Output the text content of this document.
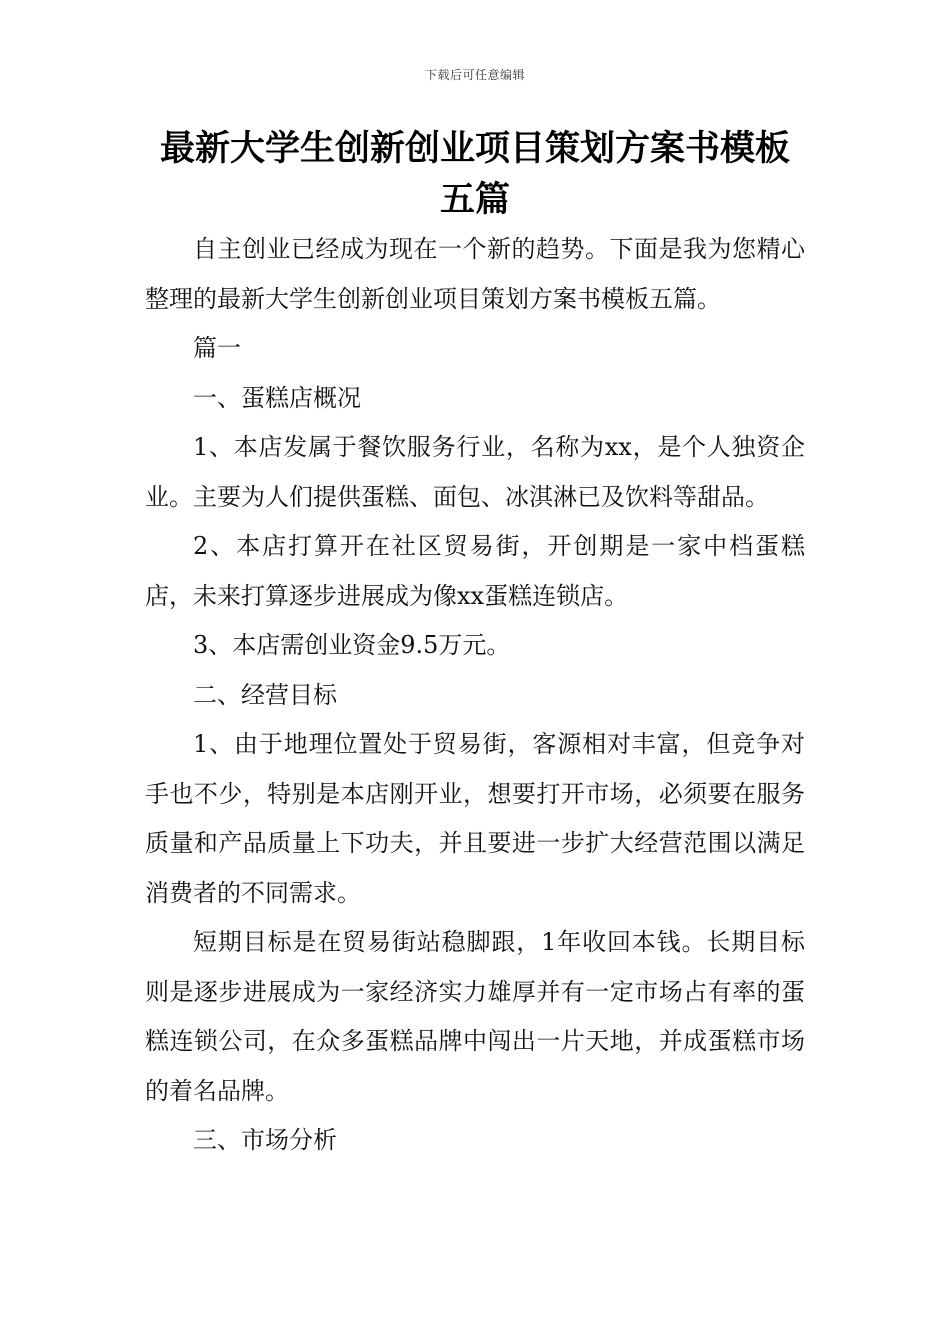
下载后可任意编辑
最新大学生创新创业项目策划方案书模板
五篇

自主创业已经成为现在一个新的趋势。下面是我为您精心整理的最新大学生创新创业项目策划方案书模板五篇。

篇一

一、蛋糕店概况

1、本店发属于餐饮服务行业，名称为xx，是个人独资企业。主要为人们提供蛋糕、面包、冰淇淋已及饮料等甜品。

2、本店打算开在社区贸易街，开创期是一家中档蛋糕店，未来打算逐步进展成为像xx蛋糕连锁店。

3、本店需创业资金9.5万元。

二、经营目标

1、由于地理位置处于贸易街，客源相对丰富，但竞争对手也不少，特别是本店刚开业，想要打开市场，必须要在服务质量和产品质量上下功夫，并且要进一步扩大经营范围以满足消费者的不同需求。

短期目标是在贸易街站稳脚跟，1年收回本钱。长期目标则是逐步进展成为一家经济实力雄厚并有一定市场占有率的蛋糕连锁公司，在众多蛋糕品牌中闯出一片天地，并成蛋糕市场的着名品牌。

三、市场分析
